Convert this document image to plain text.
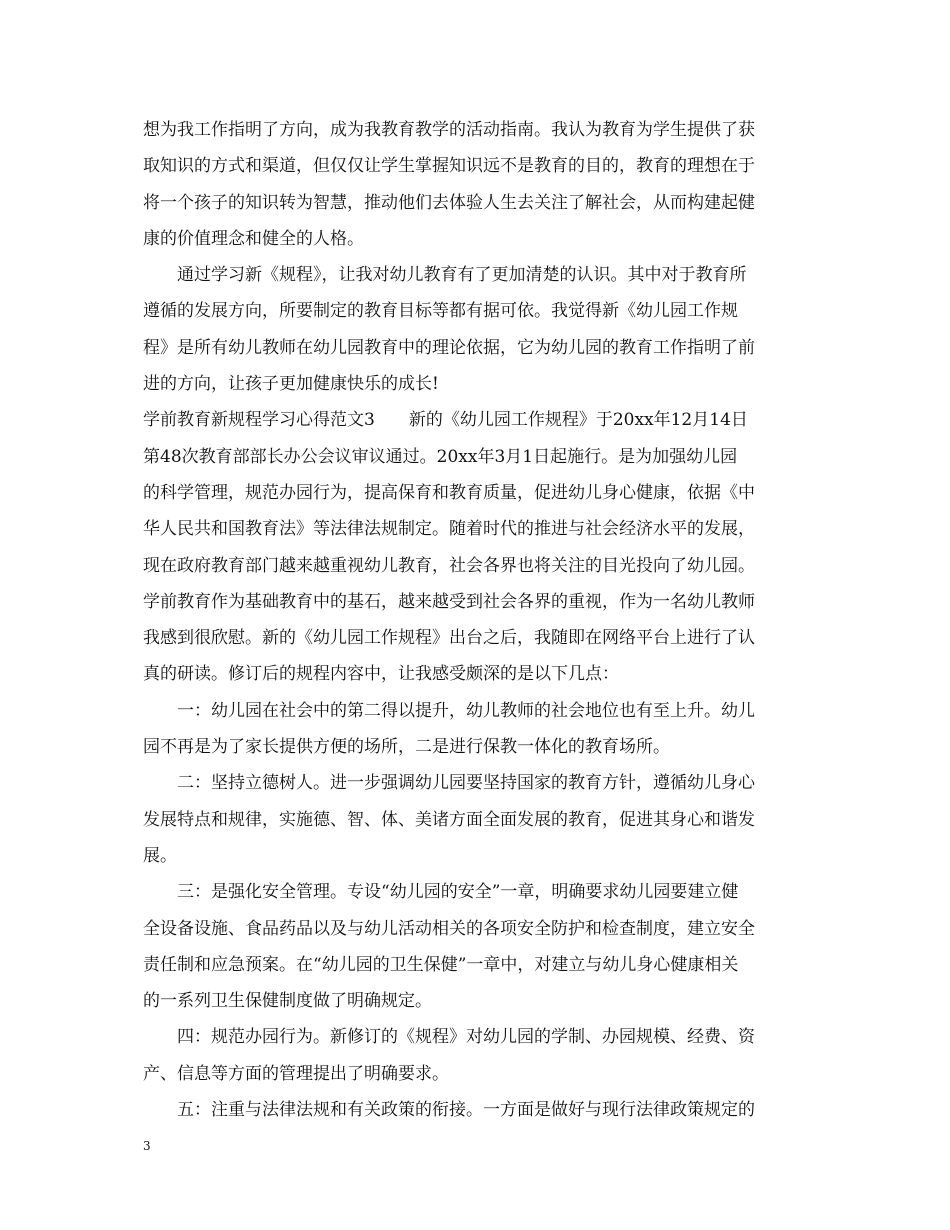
想为我工作指明了方向，成为我教育教学的活动指南。我认为教育为学生提供了获
取知识的方式和渠道，但仅仅让学生掌握知识远不是教育的目的，教育的理想在于
将一个孩子的知识转为智慧，推动他们去体验人生去关注了解社会，从而构建起健
康的价值理念和健全的人格。
通过学习新《规程》，让我对幼儿教育有了更加清楚的认识。其中对于教育所
遵循的发展方向，所要制定的教育目标等都有据可依。我觉得新《幼儿园工作规
程》是所有幼儿教师在幼儿园教育中的理论依据，它为幼儿园的教育工作指明了前
进的方向，让孩子更加健康快乐的成长!
学前教育新规程学习心得范文3　　新的《幼儿园工作规程》于20xx年12月14日
第48次教育部部长办公会议审议通过。20xx年3月1日起施行。是为加强幼儿园
的科学管理，规范办园行为，提高保育和教育质量，促进幼儿身心健康，依据《中
华人民共和国教育法》等法律法规制定。随着时代的推进与社会经济水平的发展，
现在政府教育部门越来越重视幼儿教育，社会各界也将关注的目光投向了幼儿园。
学前教育作为基础教育中的基石，越来越受到社会各界的重视，作为一名幼儿教师
我感到很欣慰。新的《幼儿园工作规程》出台之后，我随即在网络平台上进行了认
真的研读。修订后的规程内容中，让我感受颇深的是以下几点：
一：幼儿园在社会中的第二得以提升，幼儿教师的社会地位也有至上升。幼儿
园不再是为了家长提供方便的场所，二是进行保教一体化的教育场所。
二：坚持立德树人。进一步强调幼儿园要坚持国家的教育方针，遵循幼儿身心
发展特点和规律，实施德、智、体、美诸方面全面发展的教育，促进其身心和谐发
展。
三：是强化安全管理。专设“幼儿园的安全”一章，明确要求幼儿园要建立健
全设备设施、食品药品以及与幼儿活动相关的各项安全防护和检查制度，建立安全
责任制和应急预案。在“幼儿园的卫生保健”一章中，对建立与幼儿身心健康相关
的一系列卫生保健制度做了明确规定。
四：规范办园行为。新修订的《规程》对幼儿园的学制、办园规模、经费、资
产、信息等方面的管理提出了明确要求。
五：注重与法律法规和有关政策的衔接。一方面是做好与现行法律政策规定的
3
